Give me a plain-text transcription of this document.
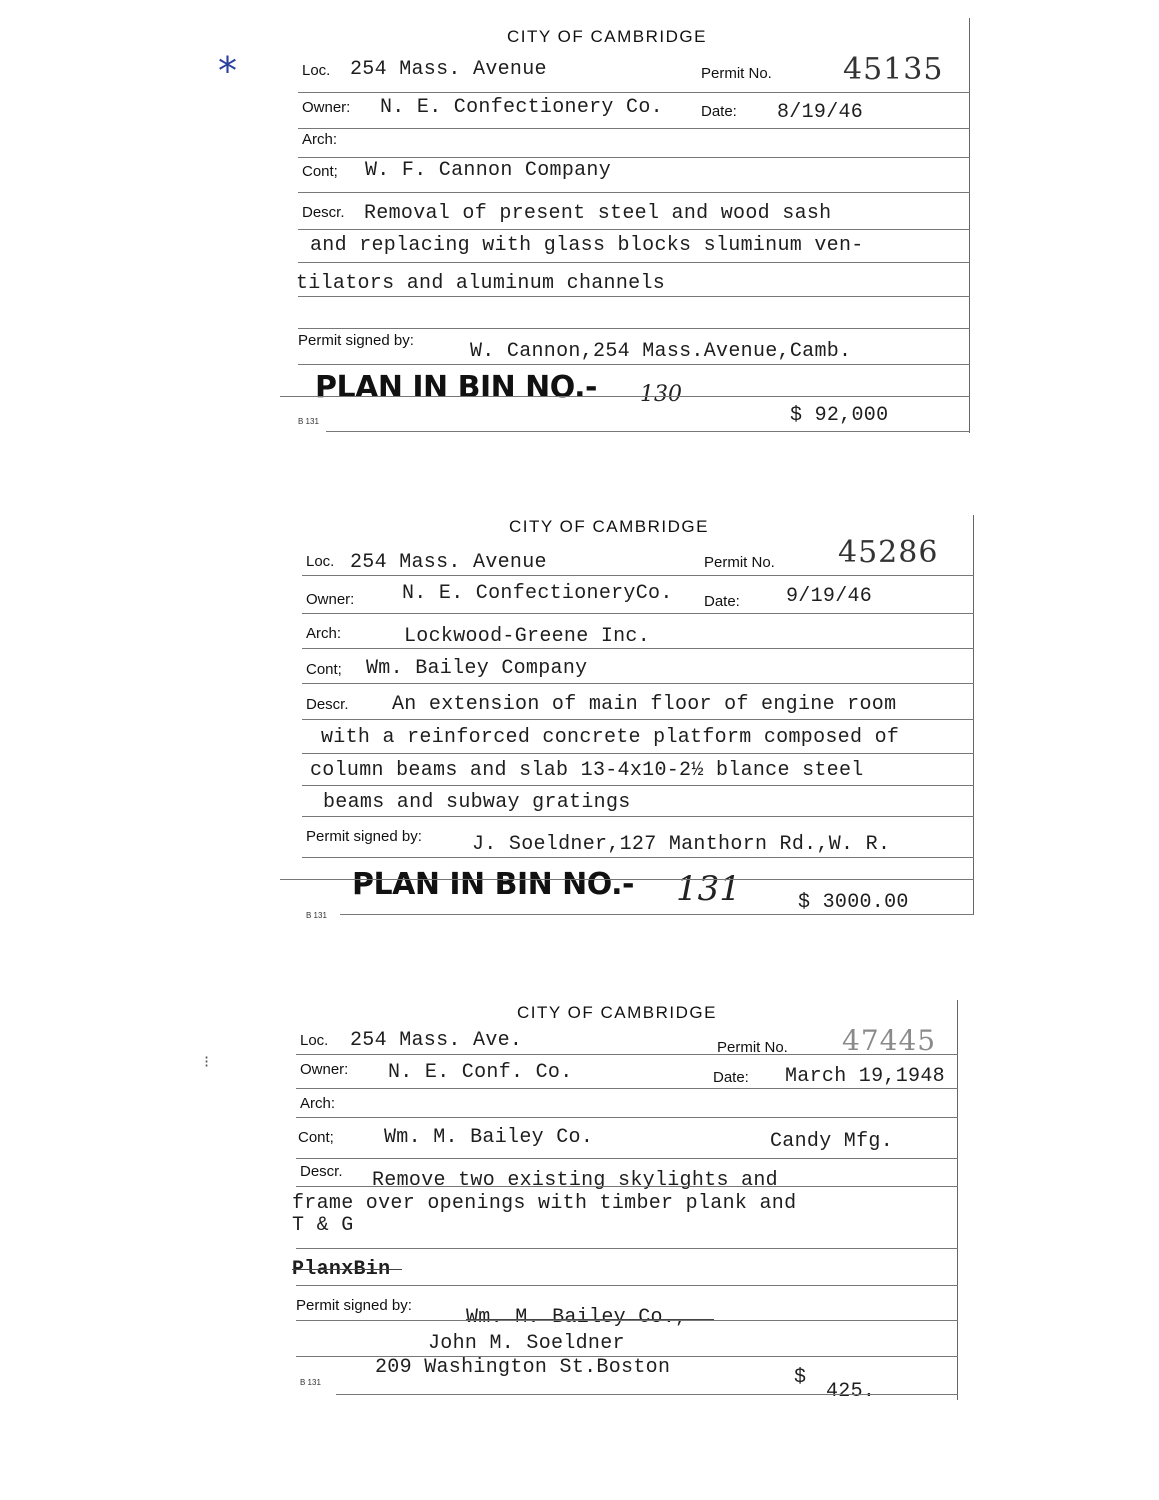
*
⁝
CITY OF CAMBRIDGE
Loc. 254 Mass. Avenue	Permit No. 45135
Owner: N. E. Confectionery Co.	Date: 8/19/46
Arch:
Cont; W. F. Cannon Company
Descr. Removal of present steel and wood sash
and replacing with glass blocks sluminum ven-
tilators and aluminum channels
Permit signed by:	W. Cannon,254 Mass.Avenue,Camb.
PLAN IN BIN NO.- 130
$ 92,000
B 131
CITY OF CAMBRIDGE
Loc. 254 Mass. Avenue	Permit No. 45286
Owner: N. E. ConfectioneryCo. Date: 9/19/46
Arch:	Lockwood-Greene Inc.
Cont; Wm. Bailey Company
Descr. An extension of main floor of engine room
with a reinforced concrete platform composed of
column beams and slab 13-4x10-2½ blance steel
beams and subway gratings
Permit signed by:	J. Soeldner,127 Manthorn Rd.,W. R.
PLAN IN BIN NO.- 131	$ 3000.00
B 131
CITY OF CAMBRIDGE
Loc. 254 Mass. Ave.	Permit No. 47445
Owner: N. E. Conf. Co.	Date: March 19,1948
Arch:
Cont;	Wm. M. Bailey Co.	Candy Mfg.
Descr. Remove two existing skylights and
frame over openings with timber plank and
T & G
PlanxBin
Permit signed by:
Wm. M. Bailey Co.,
John M. Soeldner
209 Washington St.Boston	$
425.
B 131
